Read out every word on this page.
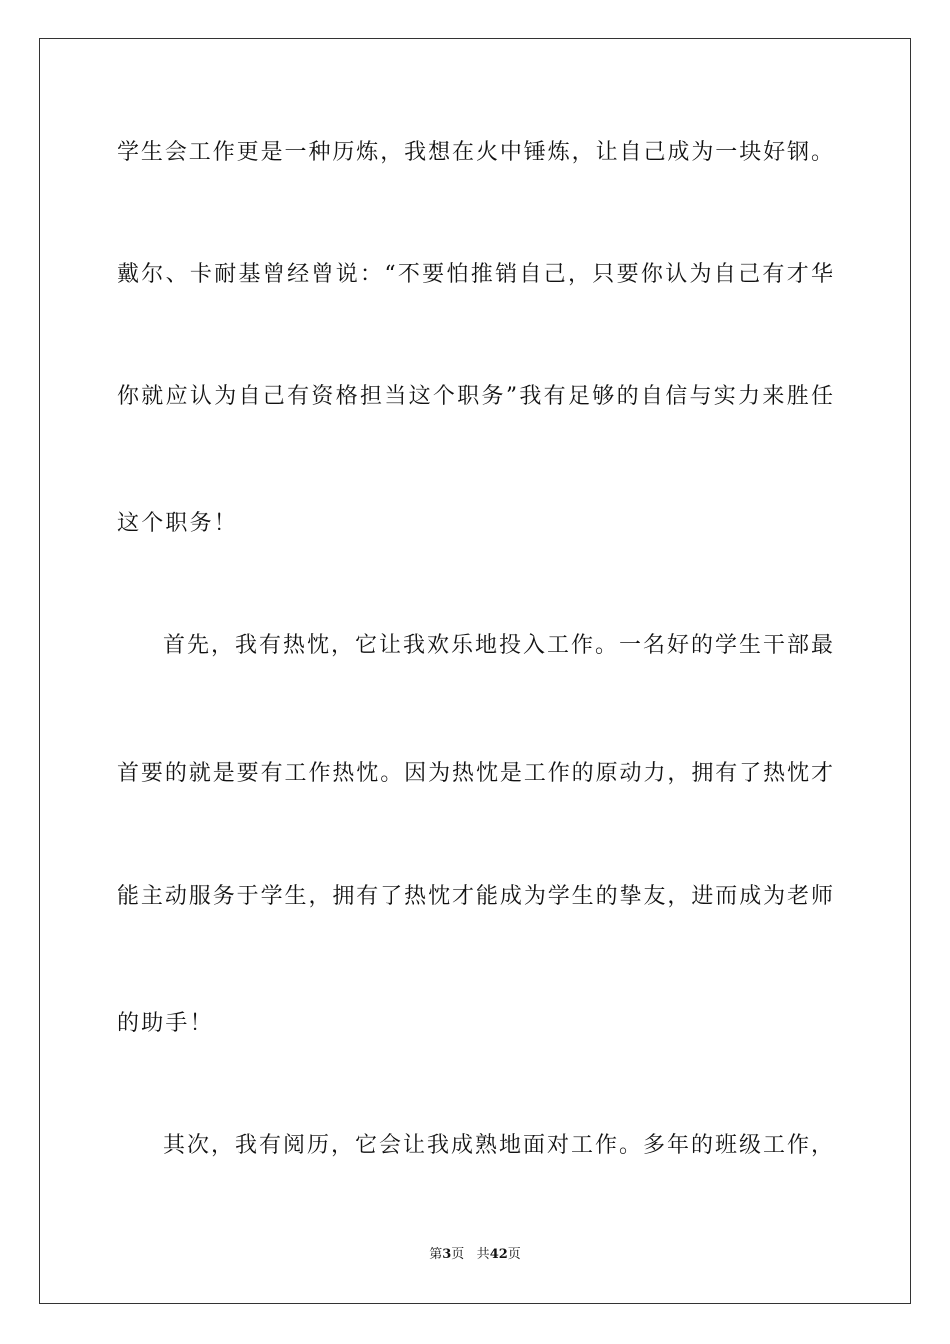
学生会工作更是一种历炼，我想在火中锤炼，让自己成为一块好钢。
戴尔、卡耐基曾经曾说：“不要怕推销自己，只要你认为自己有才华
你就应认为自己有资格担当这个职务”我有足够的自信与实力来胜任
这个职务！
首先，我有热忱，它让我欢乐地投入工作。一名好的学生干部最
首要的就是要有工作热忱。因为热忱是工作的原动力，拥有了热忱才
能主动服务于学生，拥有了热忱才能成为学生的挚友，进而成为老师
的助手！
其次，我有阅历，它会让我成熟地面对工作。多年的班级工作，
第3页 共42页
